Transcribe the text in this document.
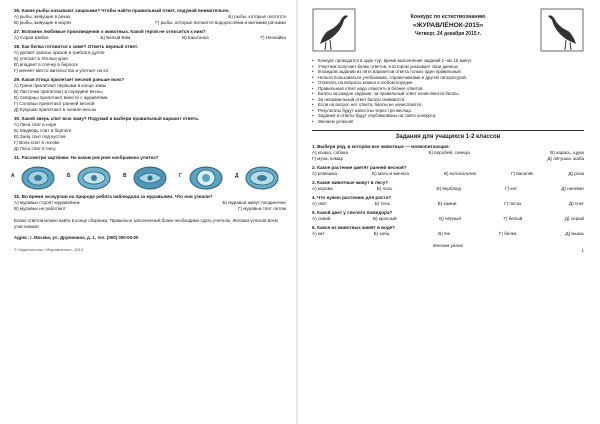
26. Какие рыбы называют хищными? Чтобы найти правильный ответ, подумай внимательно.
А) рыбы, живущие в реках	Б) рыбы, которые охотятся
В) рыбы, живущие в морях	Г) рыбы, которые питаются водорослями и мелкими рачками
27. Вспомни любимые произведения о животных. Какой герой не относится к ним?
А) Серая Шейка	Б) Белый Бим	В) Каштанка	Г) Незнайка
28. Как белка готовится к зиме? Отметь верный ответ.
А) делает запасы орехов и грибов в дупле
Б) улетает в тёплые края
В) впадает в спячку в берлоге
Г) меняет место жительства и улетает на юг
29. Какая птица прилетает весной раньше всех?
А) Грачи прилетают первыми в конце зимы
Б) Ласточки прилетают в середине весны
В) Скворцы прилетают вместе с журавлями
Г) Соловьи прилетают ранней весной
Д) Кукушки прилетают в начале весны
30. Какой зверь спит всю зиму? Подумай и выбери правильный вариант ответа.
А) Лиса спит в норе
Б) Медведь спит в берлоге
В) Заяц спит под кустом
Г) Волк спит в логове
Д) Лось спит в лесу
31. Рассмотри картинки. На каком рисунке изображена улитка?
А	Б	В	Г	Д
32. Во время экскурсии на природе ребята наблюдали за муравьями. Что они узнали?
А) муравьи строят муравейник	Б) муравьи живут поодиночке
В) муравьи не работают	Г) муравьи спят летом
Бланк ответов можно найти в конце сборника. Правильно заполненный бланк необходимо сдать учителю. Желаем успехов всем участникам!
Адрес: г. Москва, ул. Дружинина, д. 1, тел. (000) 000-00-00
© Издательство «Журавлёнок», 2015
Конкурс по естествознанию
«ЖУРАВЛЁНОК-2015»
Четверг, 24 декабря 2015 г.
•	Конкурс проводится в один тур, время выполнения заданий 1 час 15 минут.
•	Участник получает бланк ответов, в котором указывает свои данные.
•	В каждом задании из пяти вариантов ответа только один правильный.
•	Нельзя пользоваться учебниками, справочниками и другой литературой.
•	Отвечать на вопросы можно в любом порядке.
•	Правильный ответ надо отметить в бланке ответов.
•	Баллы за каждое задание: за правильный ответ начисляются баллы.
•	За неправильный ответ баллы снимаются.
•	Если на вопрос нет ответа, баллы не начисляются.
•	Результаты будут известны через три месяца.
•	Задания и ответы будут опубликованы на сайте конкурса.
•	Желаем успехов!
Задания для учащихся 1-2 классов
1. Выбери ряд, в котором все животные — млекопитающие:
А) кошка, собака	Б) воробей, синица	В) карась, щука
Г) муха, комар	Д) лягушка, жаба
2. Какое растение цветёт ранней весной?
А) ромашка	Б) мать-и-мачеха	В) колокольчик	Г) василёк	Д) роза
3. Какие животные живут в лесу?
А) корова	Б) лось	В) верблюд	Г) кит	Д) пингвин
4. Что нужно растению для роста?
А) свет	Б) тень	В) камни	Г) песок	Д) снег
5. Какой цвет у спелого помидора?
А) синий	Б) красный	В) чёрный	Г) белый	Д) серый
6. Какое из животных живёт в воде?
А) кит	Б) заяц	В) ёж	Г) белка	Д) мышь
Желаем удачи!
1
